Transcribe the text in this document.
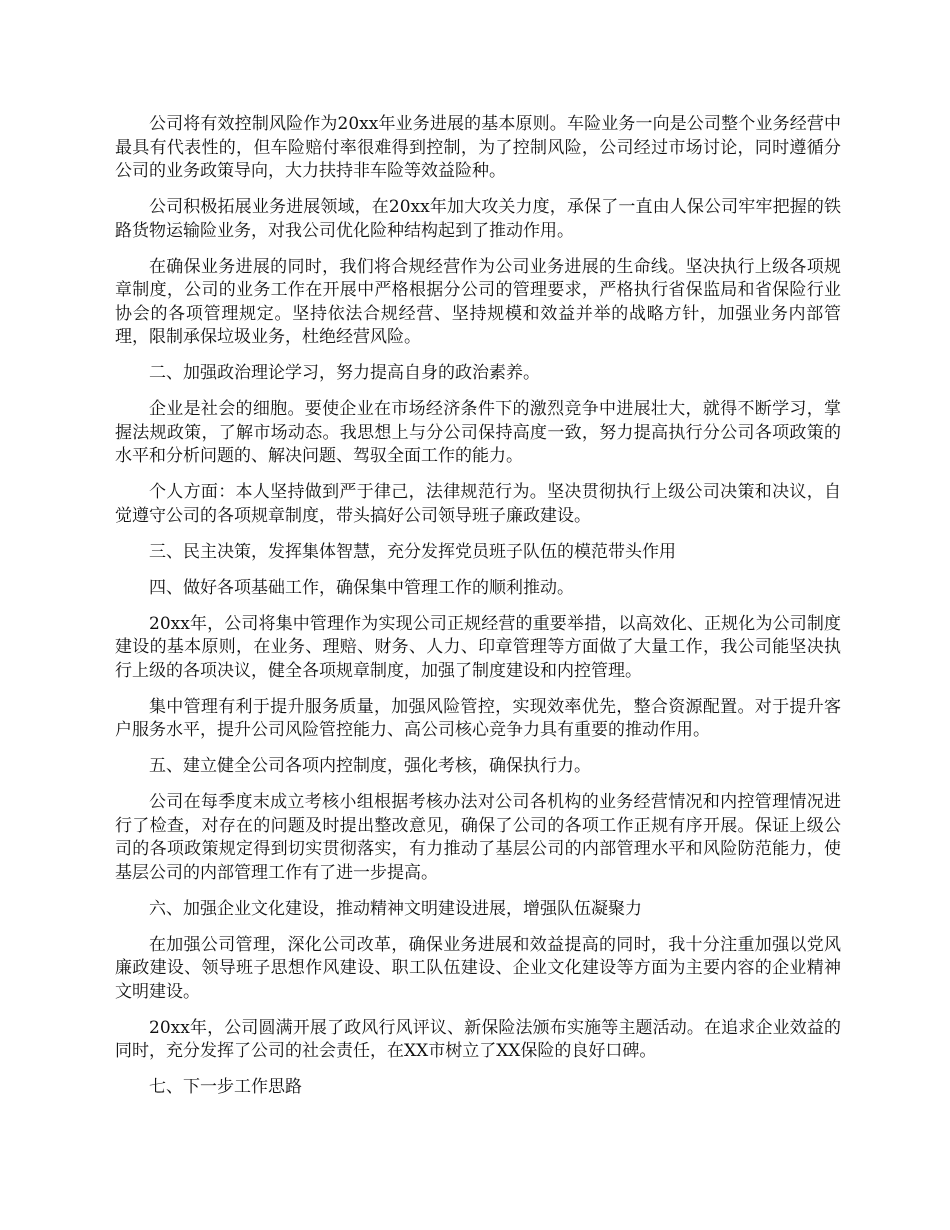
公司将有效控制风险作为20xx年业务进展的基本原则。车险业务一向是公司整个业务经营中最具有代表性的，但车险赔付率很难得到控制，为了控制风险，公司经过市场讨论，同时遵循分公司的业务政策导向，大力扶持非车险等效益险种。

公司积极拓展业务进展领域，在20xx年加大攻关力度，承保了一直由人保公司牢牢把握的铁路货物运输险业务，对我公司优化险种结构起到了推动作用。

在确保业务进展的同时，我们将合规经营作为公司业务进展的生命线。坚决执行上级各项规章制度，公司的业务工作在开展中严格根据分公司的管理要求，严格执行省保监局和省保险行业协会的各项管理规定。坚持依法合规经营、坚持规模和效益并举的战略方针，加强业务内部管理，限制承保垃圾业务，杜绝经营风险。

二、加强政治理论学习，努力提高自身的政治素养。

企业是社会的细胞。要使企业在市场经济条件下的激烈竞争中进展壮大，就得不断学习，掌握法规政策，了解市场动态。我思想上与分公司保持高度一致，努力提高执行分公司各项政策的水平和分析问题的、解决问题、驾驭全面工作的能力。

个人方面：本人坚持做到严于律己，法律规范行为。坚决贯彻执行上级公司决策和决议，自觉遵守公司的各项规章制度，带头搞好公司领导班子廉政建设。

三、民主决策，发挥集体智慧，充分发挥党员班子队伍的模范带头作用

四、做好各项基础工作，确保集中管理工作的顺利推动。

20xx年，公司将集中管理作为实现公司正规经营的重要举措，以高效化、正规化为公司制度建设的基本原则，在业务、理赔、财务、人力、印章管理等方面做了大量工作，我公司能坚决执行上级的各项决议，健全各项规章制度，加强了制度建设和内控管理。

集中管理有利于提升服务质量，加强风险管控，实现效率优先，整合资源配置。对于提升客户服务水平，提升公司风险管控能力、高公司核心竞争力具有重要的推动作用。

五、建立健全公司各项内控制度，强化考核，确保执行力。

公司在每季度末成立考核小组根据考核办法对公司各机构的业务经营情况和内控管理情况进行了检查，对存在的问题及时提出整改意见，确保了公司的各项工作正规有序开展。保证上级公司的各项政策规定得到切实贯彻落实，有力推动了基层公司的内部管理水平和风险防范能力，使基层公司的内部管理工作有了进一步提高。

六、加强企业文化建设，推动精神文明建设进展，增强队伍凝聚力

在加强公司管理，深化公司改革，确保业务进展和效益提高的同时，我十分注重加强以党风廉政建设、领导班子思想作风建设、职工队伍建设、企业文化建设等方面为主要内容的企业精神文明建设。

20xx年，公司圆满开展了政风行风评议、新保险法颁布实施等主题活动。在追求企业效益的同时，充分发挥了公司的社会责任，在XX市树立了XX保险的良好口碑。

七、下一步工作思路
